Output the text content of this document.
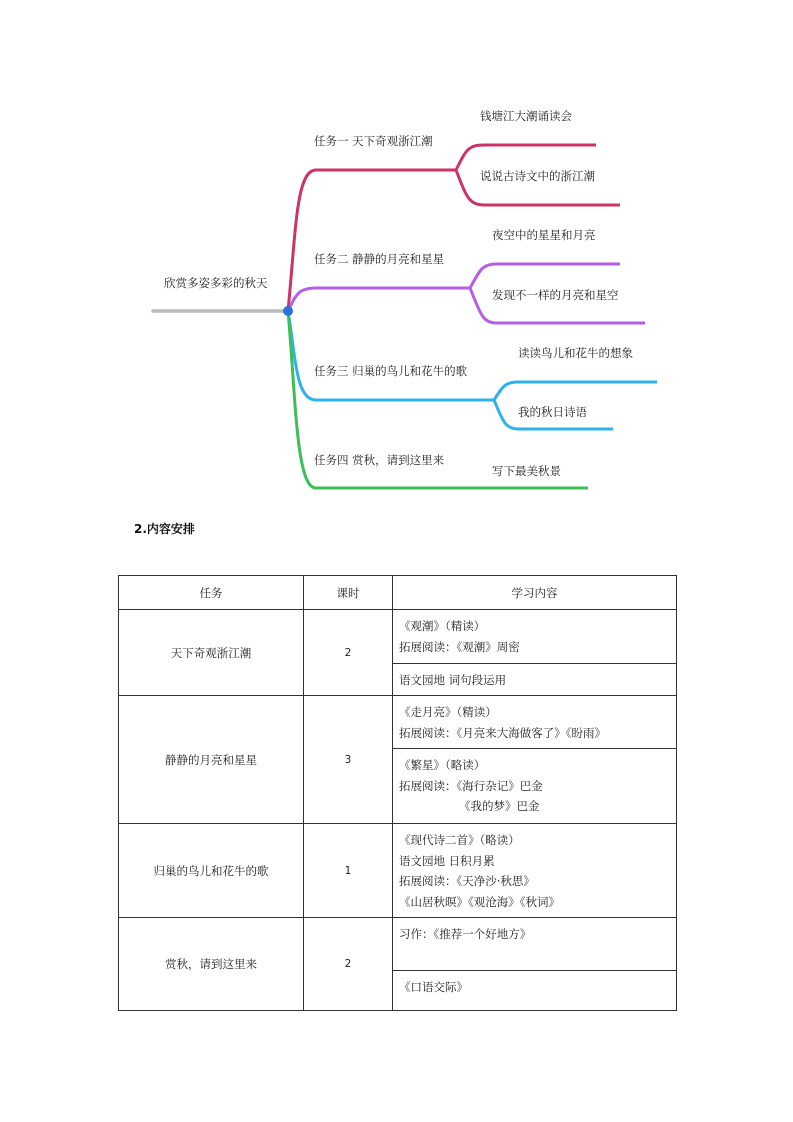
欣赏多姿多彩的秋天
任务一 天下奇观浙江潮
钱塘江大潮诵读会
说说古诗文中的浙江潮
任务二 静静的月亮和星星
夜空中的星星和月亮
发现不一样的月亮和星空
任务三 归巢的鸟儿和花牛的歌
读读鸟儿和花牛的想象
我的秋日诗语
任务四 赏秋，请到这里来
写下最美秋景
2.内容安排
任务	课时	学习内容
天下奇观浙江潮	2	《观潮》（精读）
拓展阅读：《观潮》周密

		语文园地 词句段运用

静静的月亮和星星	3	《走月亮》（精读）
拓展阅读：《月亮来大海做客了》《盼雨》

		《繁星》（略读）
拓展阅读：《海行杂记》巴金
《我的梦》巴金

归巢的鸟儿和花牛的歌	1	《现代诗二首》（略读）
语文园地 日积月累
拓展阅读：《天净沙·秋思》
《山居秋暝》《观沧海》《秋词》

赏秋，请到这里来	2	习作：《推荐一个好地方》

		《口语交际》
